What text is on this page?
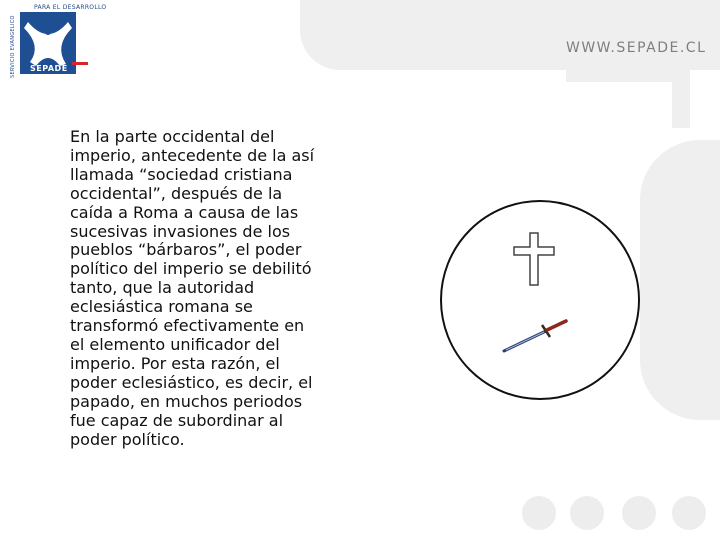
SERVICIO EVANGÉLICO
PARA EL DESARROLLO
SEPADE
WWW.SEPADE.CL
En la parte occidental del
imperio, antecedente de la así
llamada “sociedad cristiana
occidental”, después de la
caída a Roma a causa de las
sucesivas invasiones de los
pueblos “bárbaros”, el poder
político del imperio se debilitó
tanto, que la autoridad
eclesiástica romana se
transformó efectivamente en
el elemento unificador del
imperio. Por esta razón, el
poder eclesiástico, es decir, el
papado, en muchos periodos
fue capaz de subordinar al
poder político.
